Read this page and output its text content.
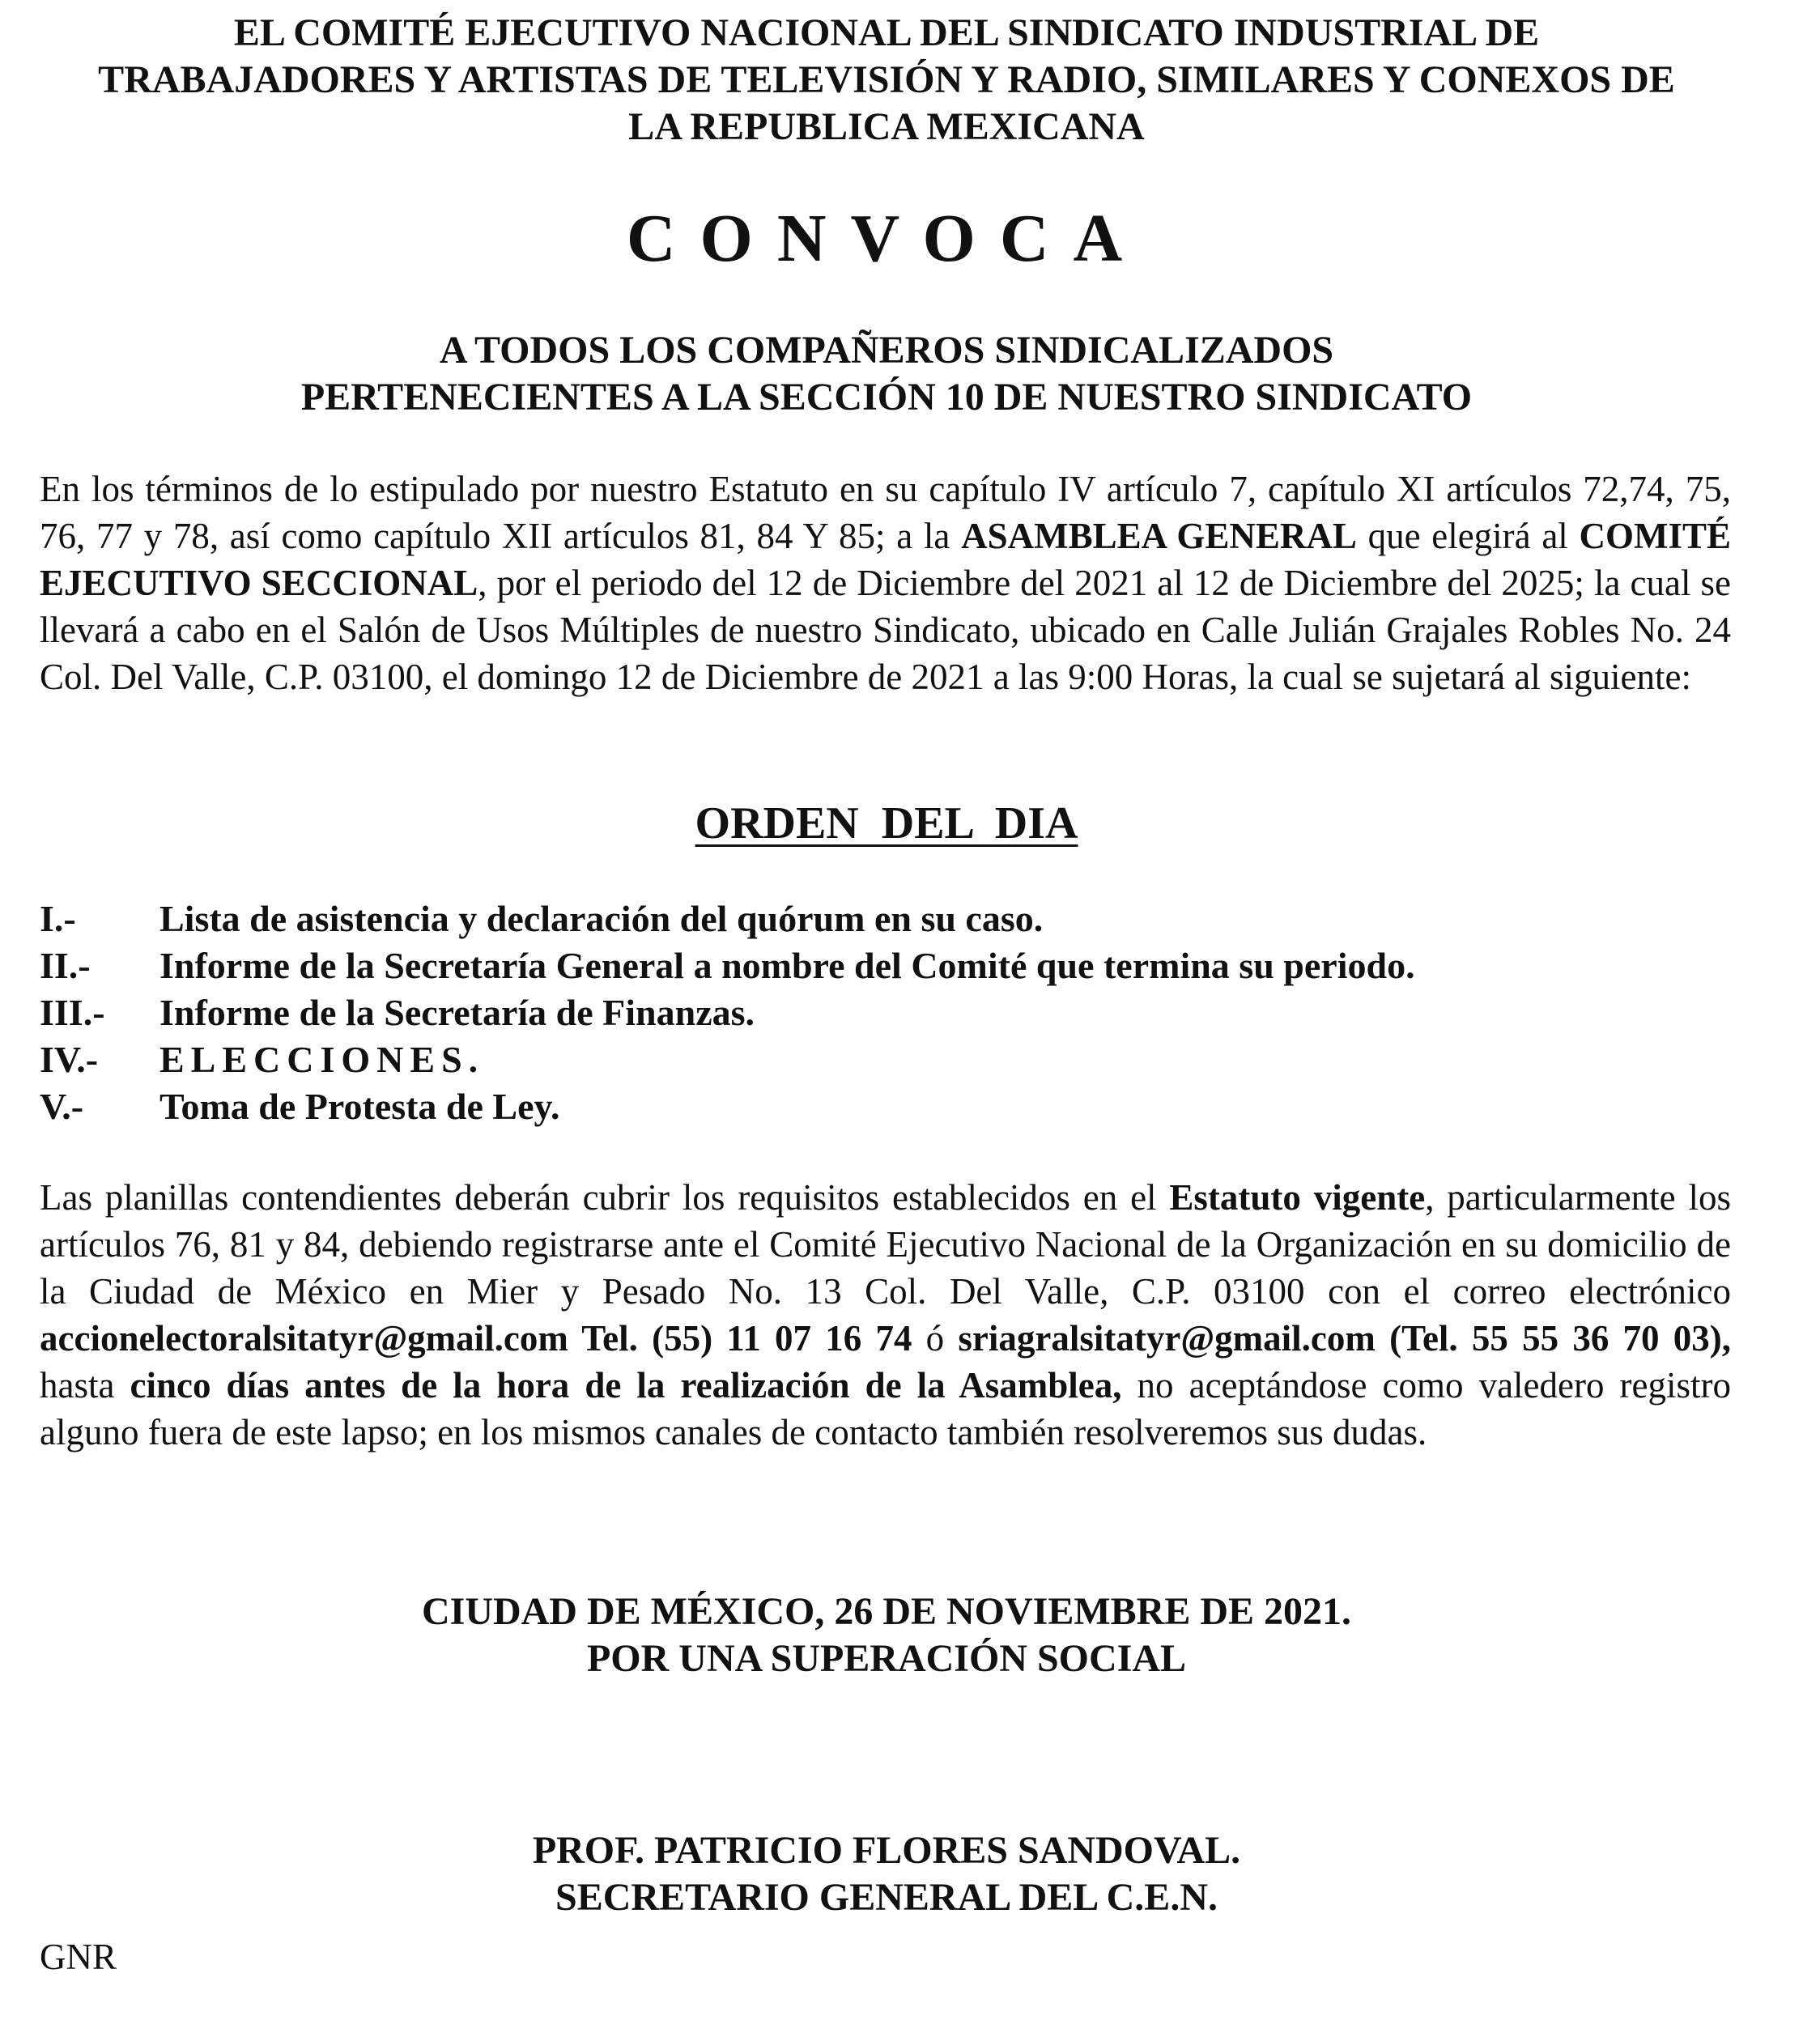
EL COMITÉ EJECUTIVO NACIONAL DEL SINDICATO INDUSTRIAL DE
TRABAJADORES Y ARTISTAS DE TELEVISIÓN Y RADIO, SIMILARES Y CONEXOS DE
LA REPUBLICA MEXICANA
CONVOCA
A TODOS LOS COMPAÑEROS SINDICALIZADOS
PERTENECIENTES A LA SECCIÓN 10 DE NUESTRO SINDICATO

En los términos de lo estipulado por nuestro Estatuto en su capítulo IV artículo 7, capítulo XI artículos 72,74, 75, 76, 77 y 78, así como capítulo XII artículos 81, 84 Y 85; a la ASAMBLEA GENERAL que elegirá al COMITÉ EJECUTIVO SECCIONAL, por el periodo del 12 de Diciembre del 2021 al 12 de Diciembre del 2025; la cual se llevará a cabo en el Salón de Usos Múltiples de nuestro Sindicato, ubicado en Calle Julián Grajales Robles No. 24 Col. Del Valle, C.P. 03100, el domingo 12 de Diciembre de 2021 a las 9:00 Horas, la cual se sujetará al siguiente:

ORDEN DEL DIA
I.-	Lista de asistencia y declaración del quórum en su caso.
II.-	Informe de la Secretaría General a nombre del Comité que termina su periodo.
III.-	Informe de la Secretaría de Finanzas.
IV.-	ELECCIONES.
V.-	Toma de Protesta de Ley.

Las planillas contendientes deberán cubrir los requisitos establecidos en el Estatuto vigente, particularmente los artículos 76, 81 y 84, debiendo registrarse ante el Comité Ejecutivo Nacional de la Organización en su domicilio de la Ciudad de México en Mier y Pesado No. 13 Col. Del Valle, C.P. 03100 con el correo electrónico accionelectoralsitatyr@gmail.com Tel. (55) 11 07 16 74 ó sriagralsitatyr@gmail.com (Tel. 55 55 36 70 03), hasta cinco días antes de la hora de la realización de la Asamblea, no aceptándose como valedero registro alguno fuera de este lapso; en los mismos canales de contacto también resolveremos sus dudas.

CIUDAD DE MÉXICO, 26 DE NOVIEMBRE DE 2021.
POR UNA SUPERACIÓN SOCIAL
PROF. PATRICIO FLORES SANDOVAL.
SECRETARIO GENERAL DEL C.E.N.
GNR
